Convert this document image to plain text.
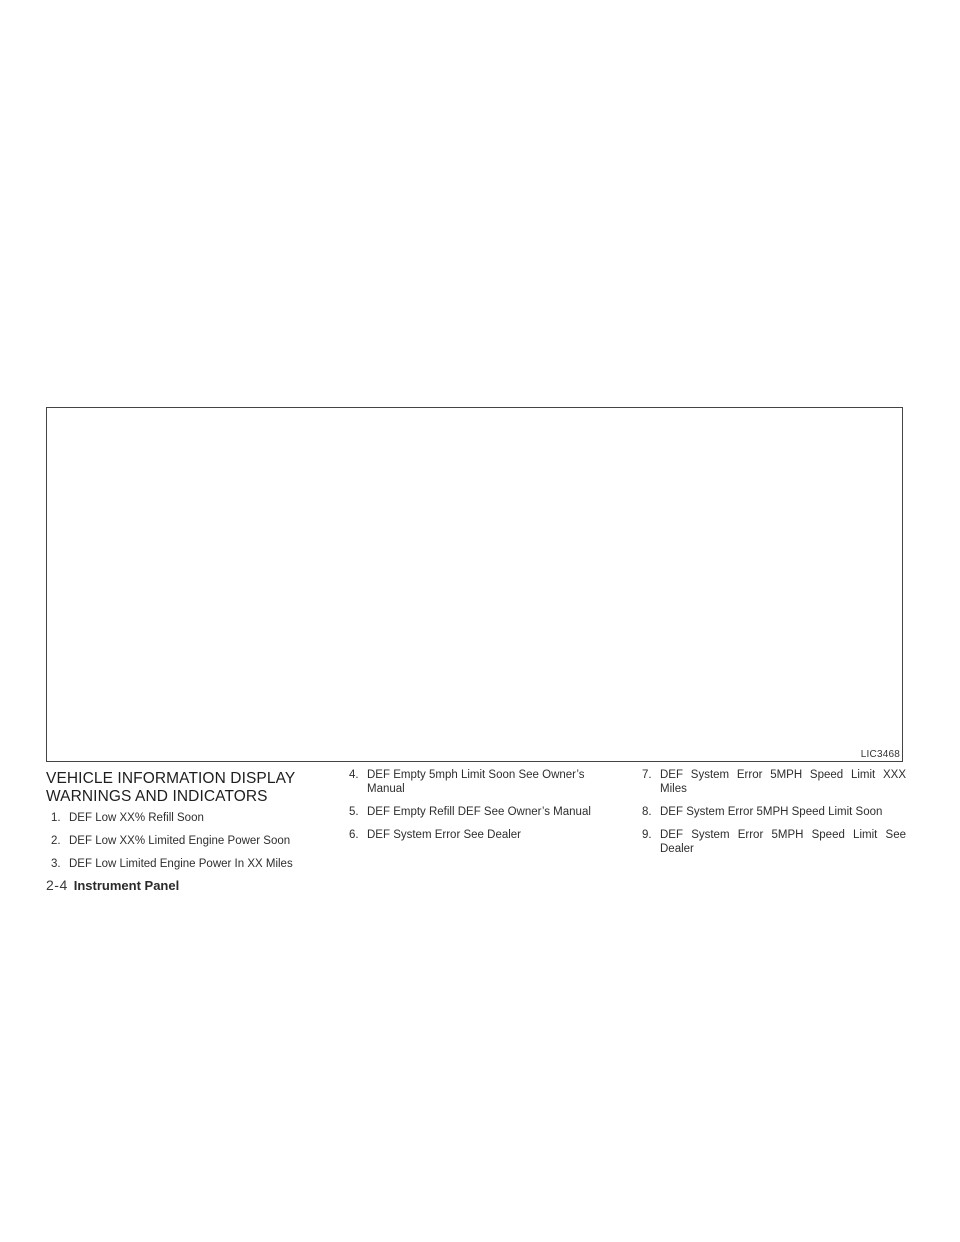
LIC3468
VEHICLE INFORMATION DISPLAY
WARNINGS AND INDICATORS
1. DEF Low XX% Refill Soon
2. DEF Low XX% Limited Engine Power Soon
3. DEF Low Limited Engine Power In XX Miles
4. DEF Empty 5mph Limit Soon See Owner’s Manual
5. DEF Empty Refill DEF See Owner’s Manual
6. DEF System Error See Dealer
7. DEF System Error 5MPH Speed Limit XXX Miles
8. DEF System Error 5MPH Speed Limit Soon
9. DEF System Error 5MPH Speed Limit See Dealer
2-4 Instrument Panel
